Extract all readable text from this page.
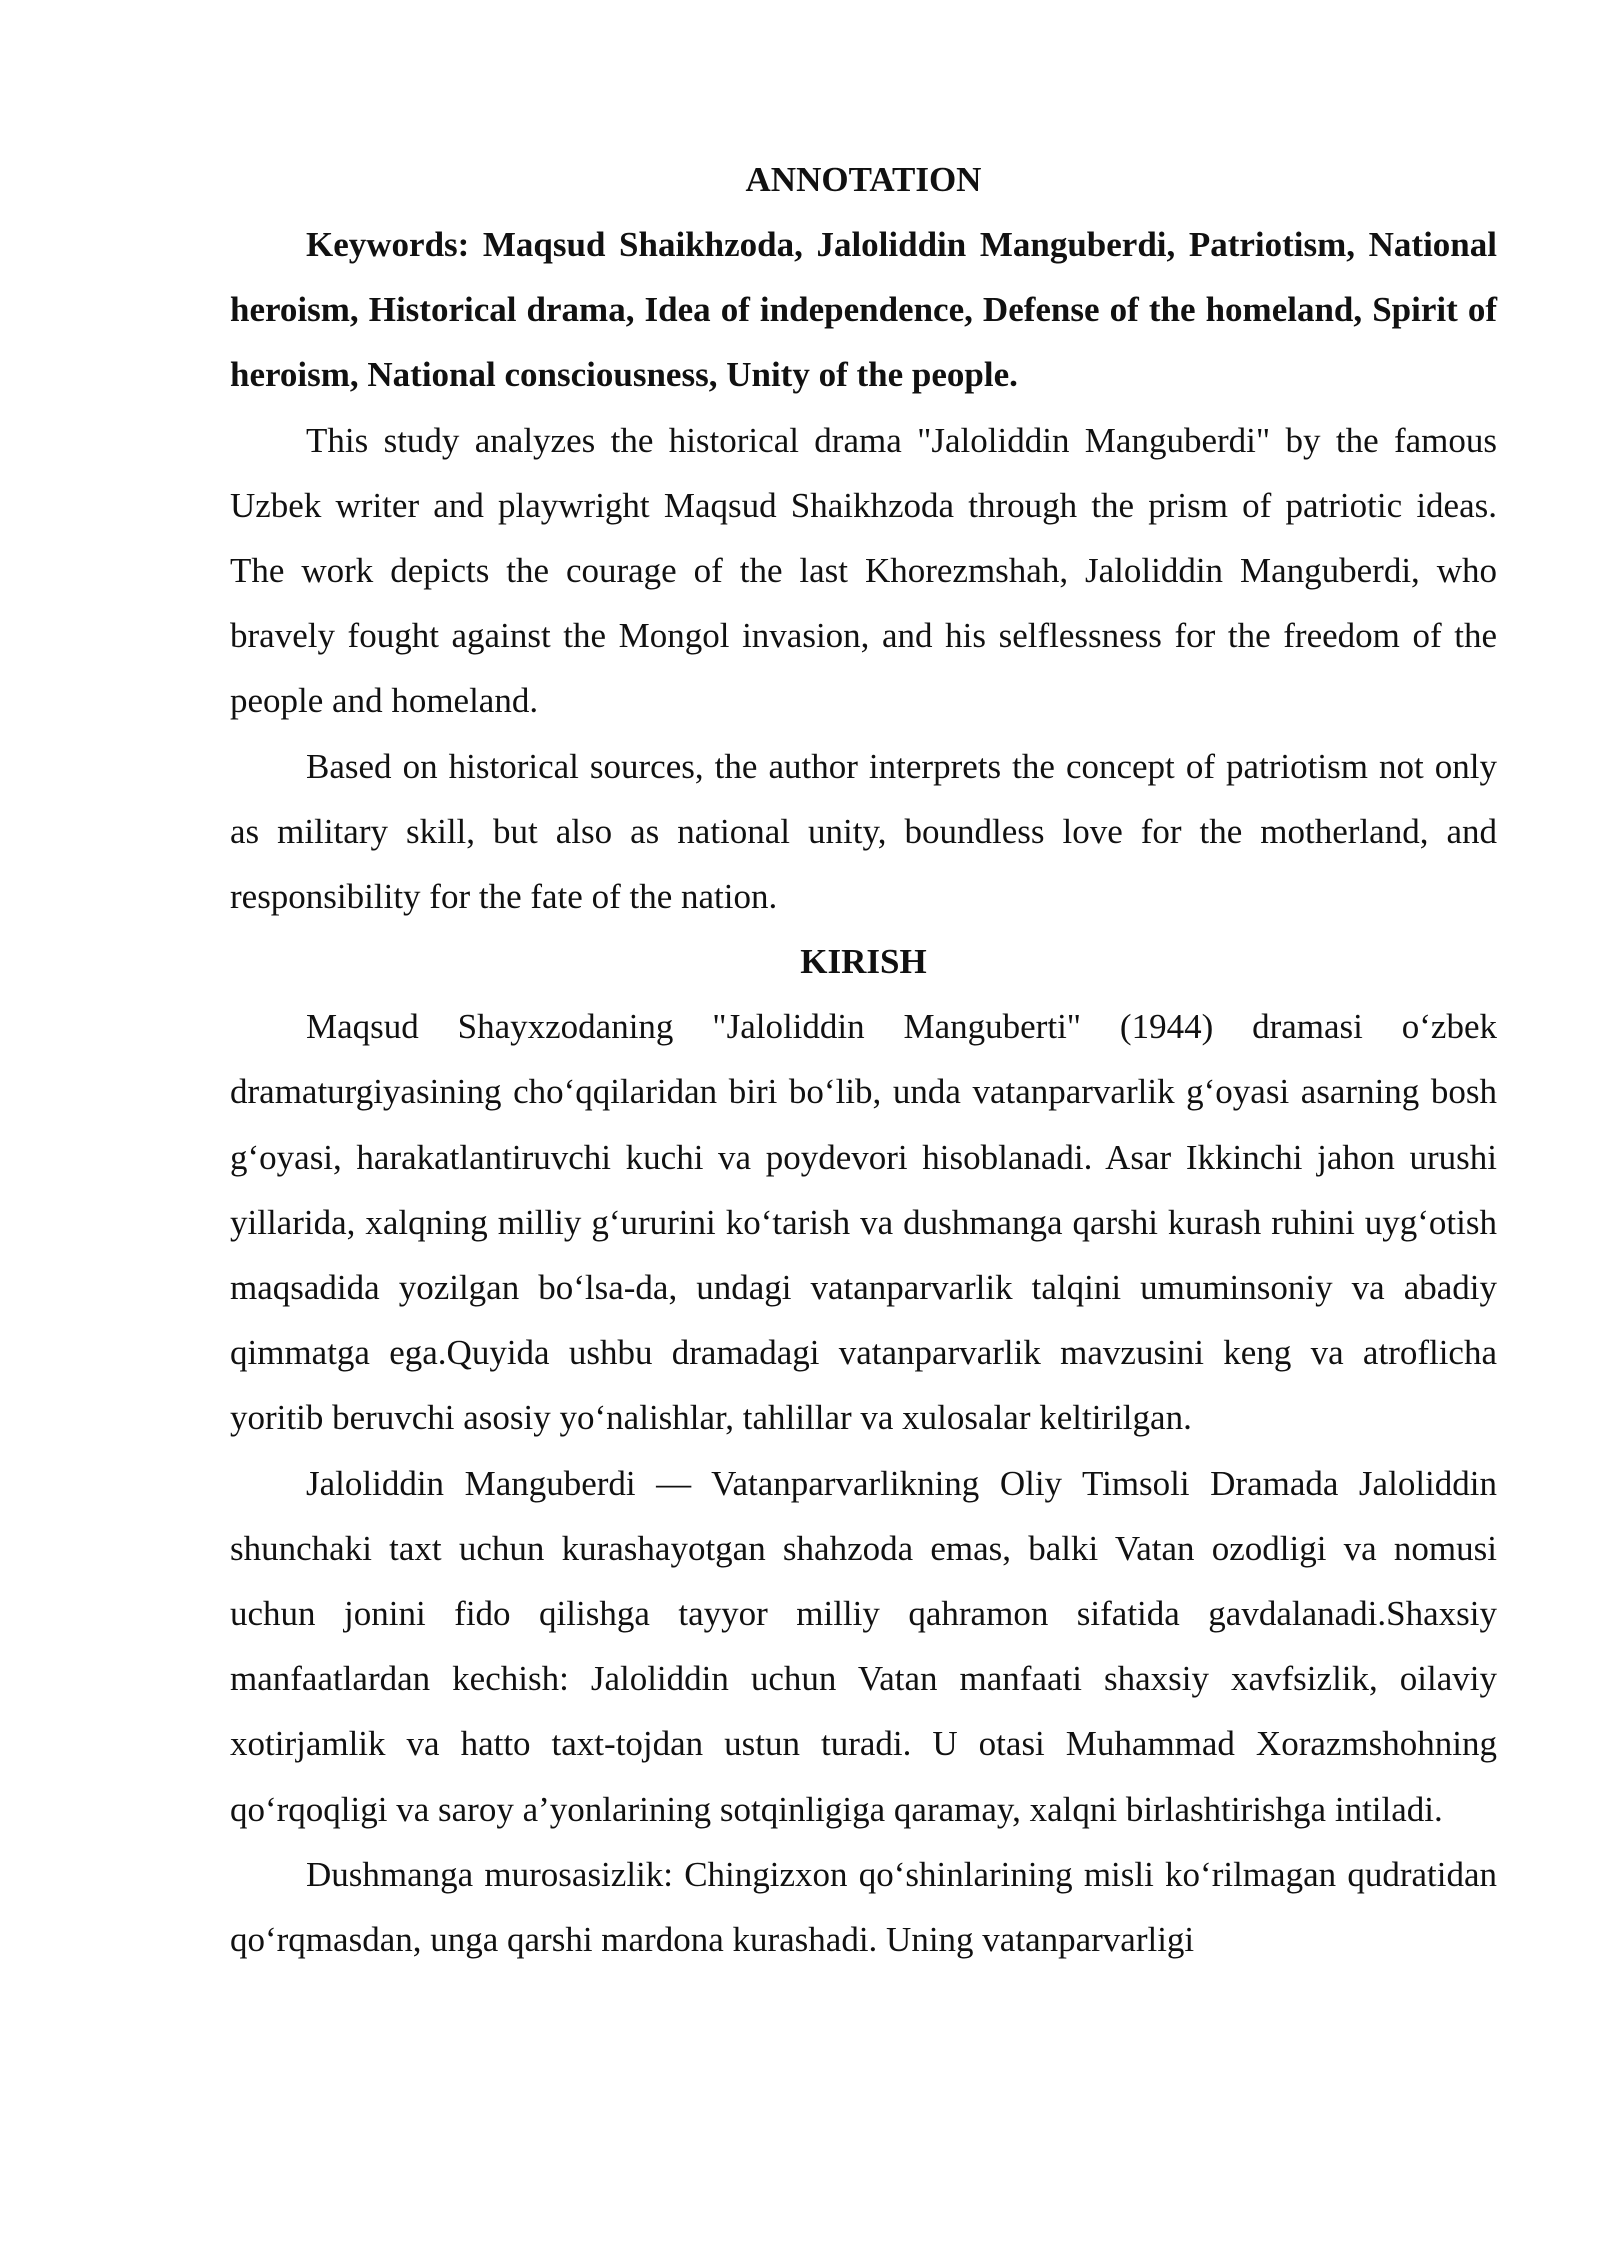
ANNOTATION

Keywords: Maqsud Shaikhzoda, Jaloliddin Manguberdi, Patriotism, National heroism, Historical drama, Idea of independence, Defense of the homeland, Spirit of heroism, National consciousness, Unity of the people.

This study analyzes the historical drama "Jaloliddin Manguberdi" by the famous Uzbek writer and playwright Maqsud Shaikhzoda through the prism of patriotic ideas. The work depicts the courage of the last Khorezmshah, Jaloliddin Manguberdi, who bravely fought against the Mongol invasion, and his selflessness for the freedom of the people and homeland.

Based on historical sources, the author interprets the concept of patriotism not only as military skill, but also as national unity, boundless love for the motherland, and responsibility for the fate of the nation.

KIRISH

Maqsud Shayxzodaning "Jaloliddin Manguberti" (1944) dramasi o‘zbek dramaturgiyasining cho‘qqilaridan biri bo‘lib, unda vatanparvarlik g‘oyasi asarning bosh g‘oyasi, harakatlantiruvchi kuchi va poydevori hisoblanadi. Asar Ikkinchi jahon urushi yillarida, xalqning milliy g‘ururini ko‘tarish va dushmanga qarshi kurash ruhini uyg‘otish maqsadida yozilgan bo‘lsa-da, undagi vatanparvarlik talqini umuminsoniy va abadiy qimmatga ega.Quyida ushbu dramadagi vatanparvarlik mavzusini keng va atroflicha yoritib beruvchi asosiy yo‘nalishlar, tahlillar va xulosalar keltirilgan.

Jaloliddin Manguberdi — Vatanparvarlikning Oliy Timsoli Dramada Jaloliddin shunchaki taxt uchun kurashayotgan shahzoda emas, balki Vatan ozodligi va nomusi uchun jonini fido qilishga tayyor milliy qahramon sifatida gavdalanadi.Shaxsiy manfaatlardan kechish: Jaloliddin uchun Vatan manfaati shaxsiy xavfsizlik, oilaviy xotirjamlik va hatto taxt-tojdan ustun turadi. U otasi Muhammad Xorazmshohning qo‘rqoqligi va saroy a’yonlarining sotqinligiga qaramay, xalqni birlashtirishga intiladi.

Dushmanga murosasizlik: Chingizxon qo‘shinlarining misli ko‘rilmagan qudratidan qo‘rqmasdan, unga qarshi mardona kurashadi. Uning vatanparvarligi
